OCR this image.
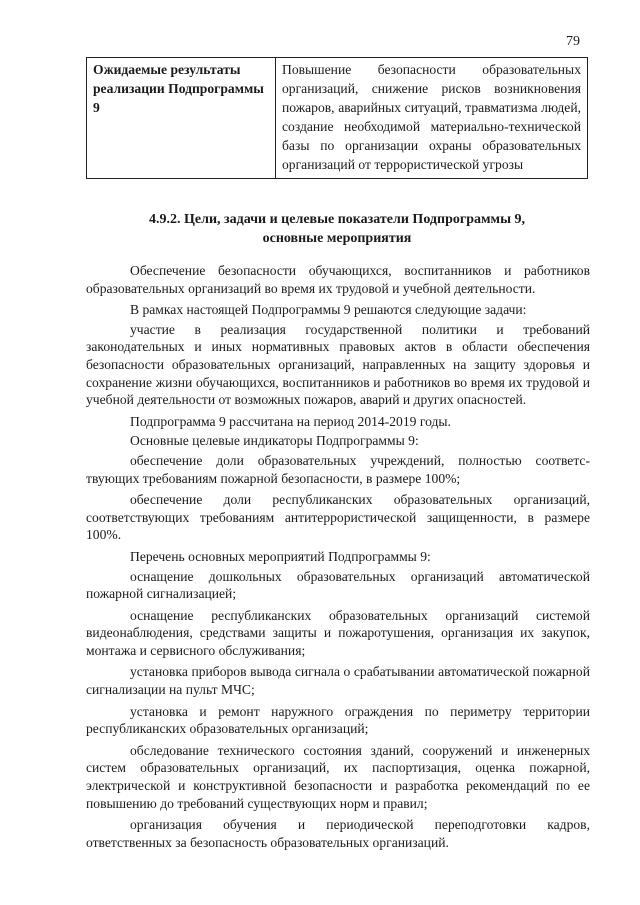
79
Ожидаемые результаты реализации Подпрограммы 9	Повышение безопасности образовательных организаций, снижение рисков возникновения пожаров, аварийных ситуаций, травматизма людей, создание необходимой материально-технической базы по организации охраны образовательных организаций от террористической угрозы
4.9.2. Цели, задачи и целевые показатели Подпрограммы 9,
основные мероприятия

Обеспечение безопасности обучающихся, воспитанников и работников образовательных организаций во время их трудовой и учебной деятельности.

В рамках настоящей Подпрограммы 9 решаются следующие задачи:

участие в реализация государственной политики и требований законодательных и иных нормативных правовых актов в области обеспечения безопасности образовательных организаций, направленных на защиту здоровья и сохранение жизни обучающихся, воспитанников и работников во время их трудовой и учебной деятельности от возможных пожаров, аварий и других опасностей.

Подпрограмма 9 рассчитана на период 2014-2019 годы.

Основные целевые индикаторы Подпрограммы 9:

обеспечение доли образовательных учреждений, полностью соответс-твующих требованиям пожарной безопасности, в размере 100%;

обеспечение доли республиканских образовательных организаций, соответствующих требованиям антитеррористической защищенности, в размере 100%.

Перечень основных мероприятий Подпрограммы 9:

оснащение дошкольных образовательных организаций автоматической пожарной сигнализацией;

оснащение республиканских образовательных организаций системой видеонаблюдения, средствами защиты и пожаротушения, организация их закупок, монтажа и сервисного обслуживания;

установка приборов вывода сигнала о срабатывании автоматической пожарной сигнализации на пульт МЧС;

установка и ремонт наружного ограждения по периметру территории республиканских образовательных организаций;

обследование технического состояния зданий, сооружений и инженерных систем образовательных организаций, их паспортизация, оценка пожарной, электрической и конструктивной безопасности и разработка рекомендаций по ее повышению до требований существующих норм и правил;

организация обучения и периодической переподготовки кадров, ответственных за безопасность образовательных организаций.
